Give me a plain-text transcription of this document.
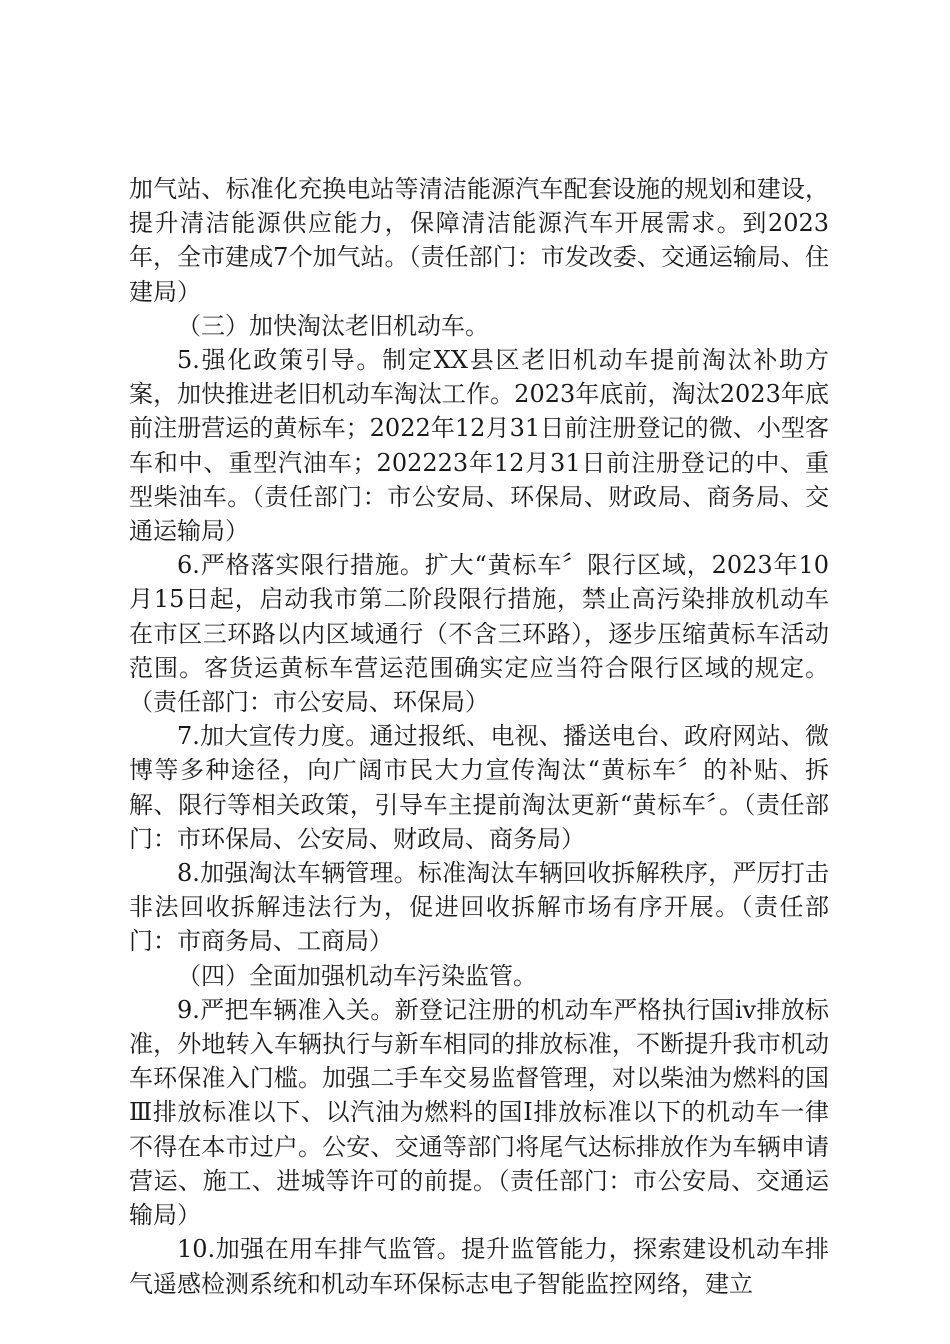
加气站、标准化充换电站等清洁能源汽车配套设施的规划和建设，提升清洁能源供应能力，保障清洁能源汽车开展需求。到2023年，全市建成7个加气站。（责任部门：市发改委、交通运输局、住建局）

（三）加快淘汰老旧机动车。

5.强化政策引导。制定XX县区老旧机动车提前淘汰补助方案，加快推进老旧机动车淘汰工作。2023年底前，淘汰2023年底前注册营运的黄标车；2022年12月31日前注册登记的微、小型客车和中、重型汽油车；202223年12月31日前注册登记的中、重型柴油车。（责任部门：市公安局、环保局、财政局、商务局、交通运输局）

6.严格落实限行措施。扩大“黄标车〞限行区域，2023年10月15日起，启动我市第二阶段限行措施，禁止高污染排放机动车在市区三环路以内区域通行（不含三环路），逐步压缩黄标车活动范围。客货运黄标车营运范围确实定应当符合限行区域的规定。（责任部门：市公安局、环保局）

7.加大宣传力度。通过报纸、电视、播送电台、政府网站、微博等多种途径，向广阔市民大力宣传淘汰“黄标车〞的补贴、拆解、限行等相关政策，引导车主提前淘汰更新“黄标车〞。（责任部门：市环保局、公安局、财政局、商务局）

8.加强淘汰车辆管理。标准淘汰车辆回收拆解秩序，严厉打击非法回收拆解违法行为，促进回收拆解市场有序开展。（责任部门：市商务局、工商局）

（四）全面加强机动车污染监管。

9.严把车辆准入关。新登记注册的机动车严格执行国iv排放标准，外地转入车辆执行与新车相同的排放标准，不断提升我市机动车环保准入门槛。加强二手车交易监督管理，对以柴油为燃料的国Ⅲ排放标准以下、以汽油为燃料的国Ⅰ排放标准以下的机动车一律不得在本市过户。公安、交通等部门将尾气达标排放作为车辆申请营运、施工、进城等许可的前提。（责任部门：市公安局、交通运输局）

10.加强在用车排气监管。提升监管能力，探索建设机动车排气遥感检测系统和机动车环保标志电子智能监控网络，建立
